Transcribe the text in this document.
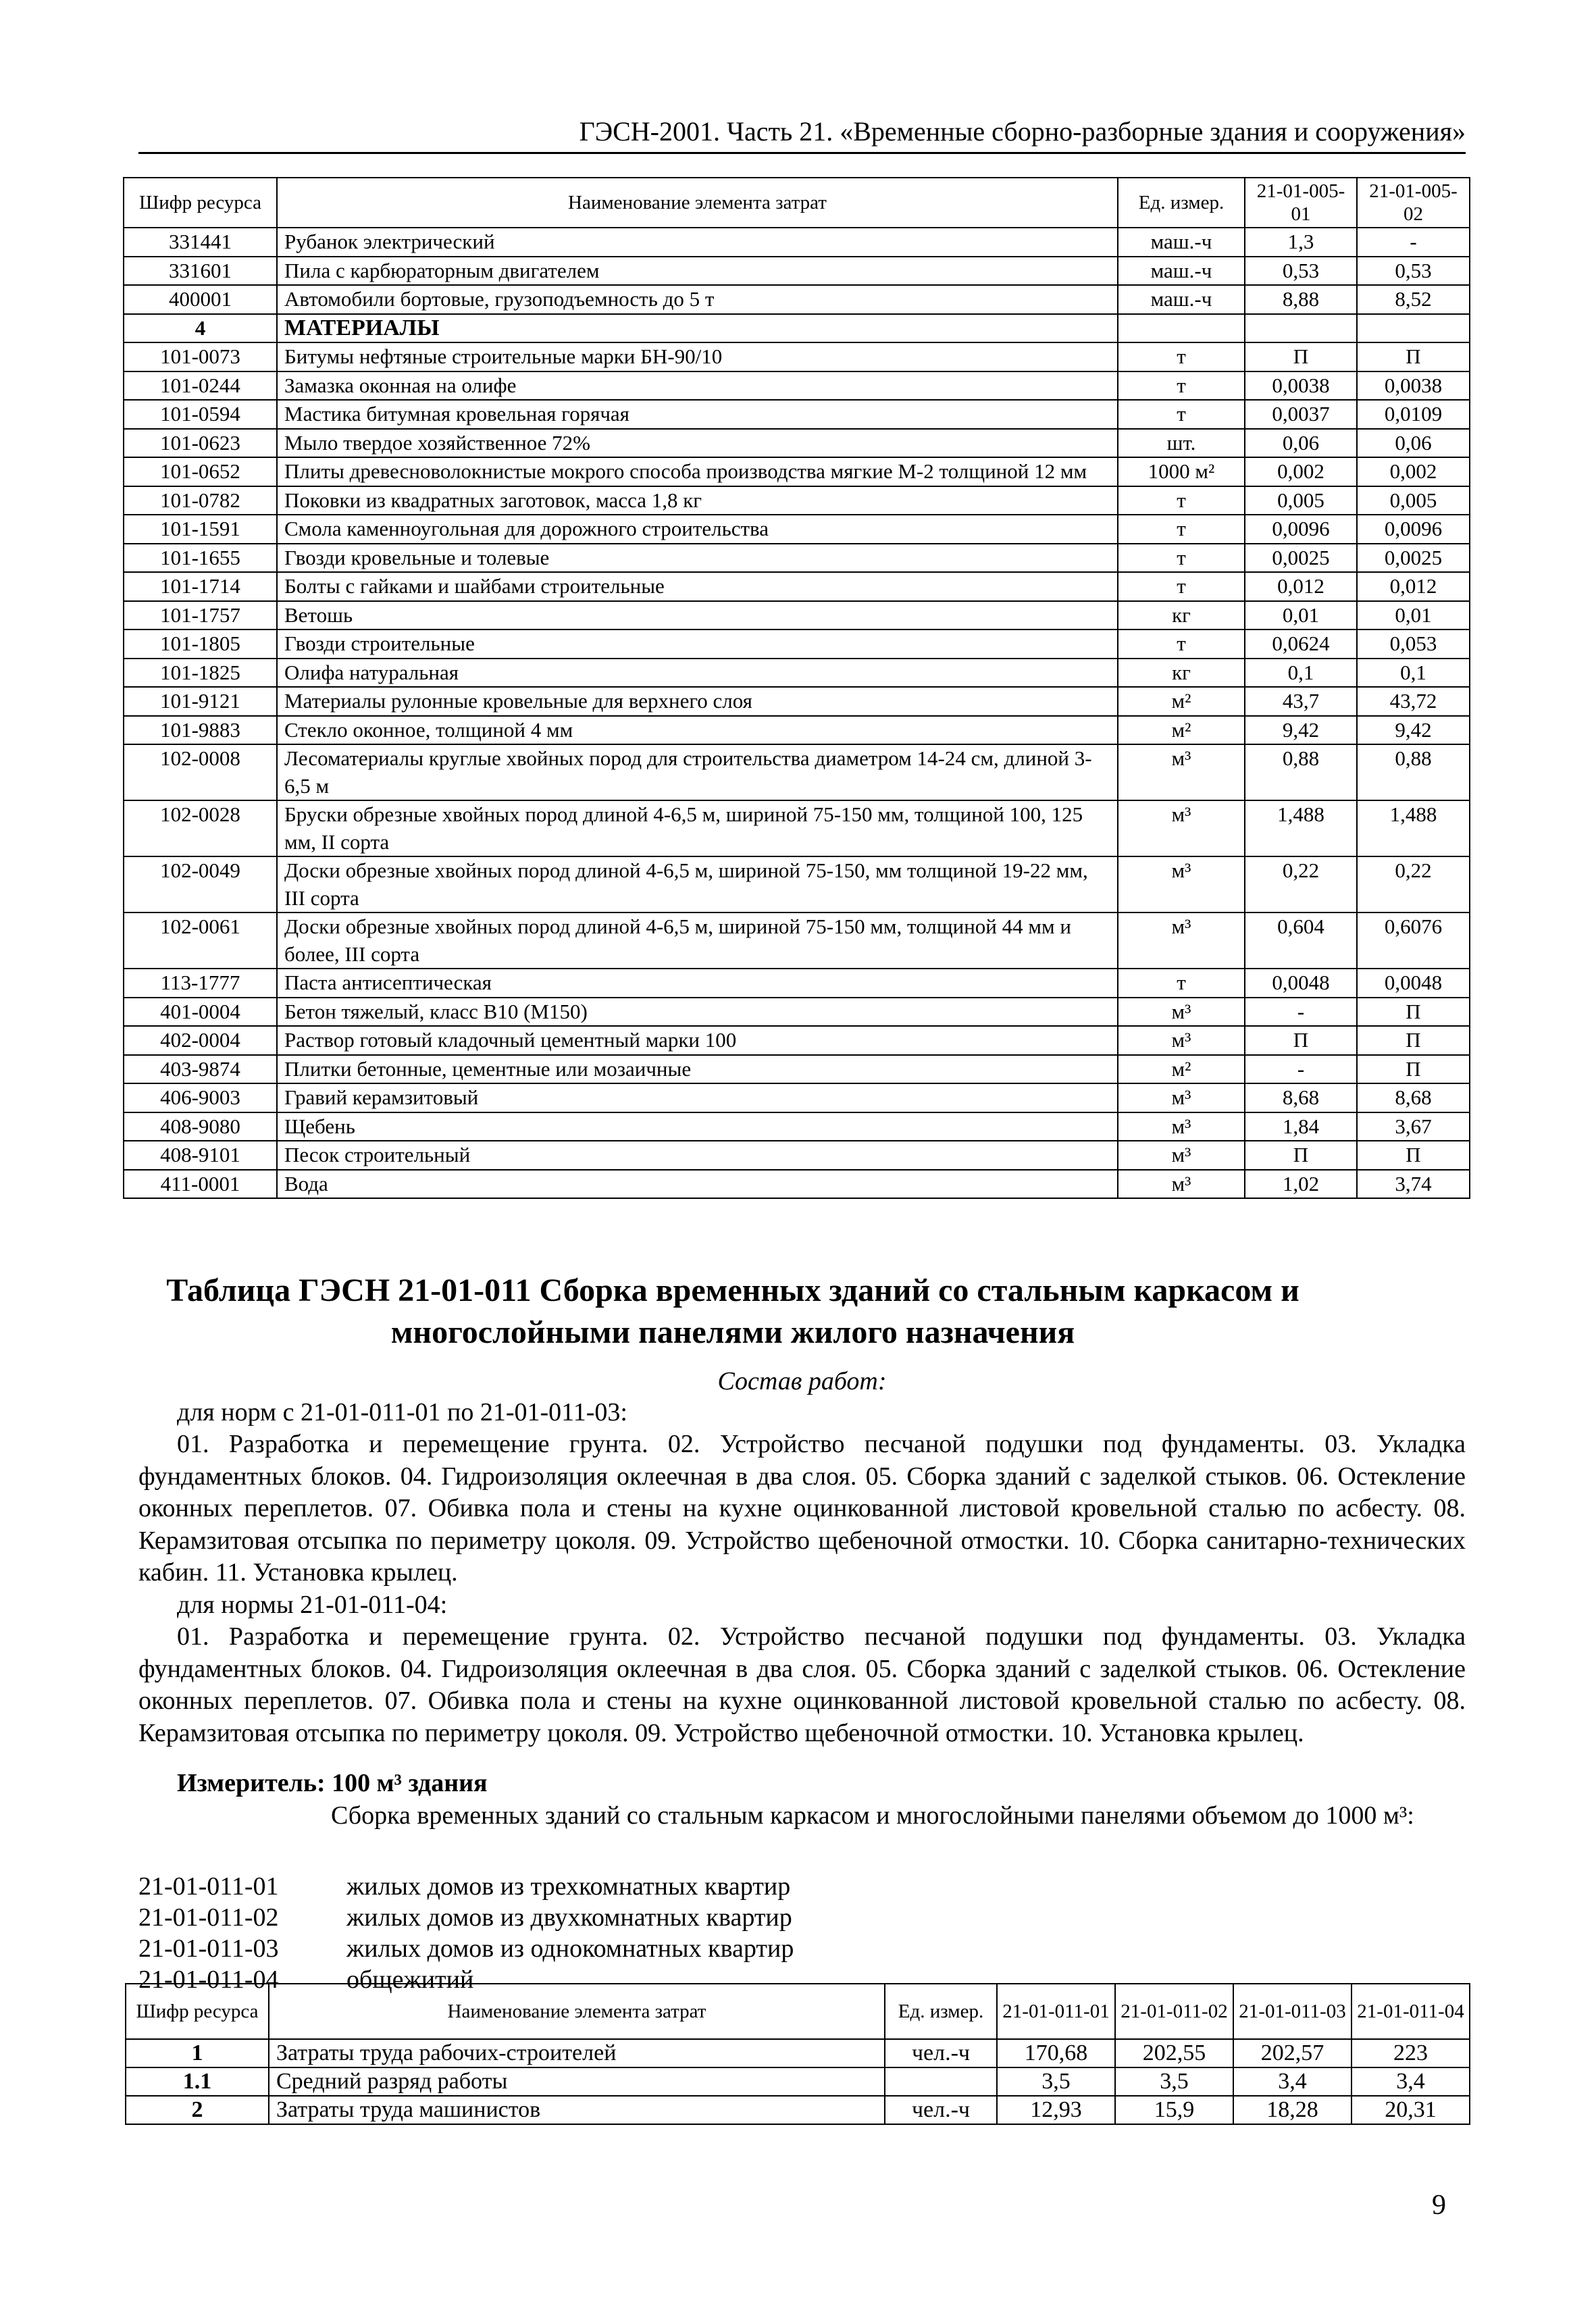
ГЭСН-2001. Часть 21. «Временные сборно-разборные здания и сооружения»
Шифр ресурса	Наименование элемента затрат	Ед. измер.	21-01-005-01	21-01-005-02
331441	Рубанок электрический	маш.-ч	1,3	-
331601	Пила с карбюраторным двигателем	маш.-ч	0,53	0,53
400001	Автомобили бортовые, грузоподъемность до 5 т	маш.-ч	8,88	8,52
4	МАТЕРИАЛЫ			
101-0073	Битумы нефтяные строительные марки БН-90/10	т	П	П
101-0244	Замазка оконная на олифе	т	0,0038	0,0038
101-0594	Мастика битумная кровельная горячая	т	0,0037	0,0109
101-0623	Мыло твердое хозяйственное 72%	шт.	0,06	0,06
101-0652	Плиты древесноволокнистые мокрого способа производства мягкие М-2 толщиной 12 мм	1000 м²	0,002	0,002
101-0782	Поковки из квадратных заготовок, масса 1,8 кг	т	0,005	0,005
101-1591	Смола каменноугольная для дорожного строительства	т	0,0096	0,0096
101-1655	Гвозди кровельные и толевые	т	0,0025	0,0025
101-1714	Болты с гайками и шайбами строительные	т	0,012	0,012
101-1757	Ветошь	кг	0,01	0,01
101-1805	Гвозди строительные	т	0,0624	0,053
101-1825	Олифа натуральная	кг	0,1	0,1
101-9121	Материалы рулонные кровельные для верхнего слоя	м²	43,7	43,72
101-9883	Стекло оконное, толщиной 4 мм	м²	9,42	9,42
102-0008	Лесоматериалы круглые хвойных пород для строительства диаметром 14-24 см, длиной 3-6,5 м	м³	0,88	0,88
102-0028	Бруски обрезные хвойных пород длиной 4-6,5 м, шириной 75-150 мм, толщиной 100, 125 мм, II сорта	м³	1,488	1,488
102-0049	Доски обрезные хвойных пород длиной 4-6,5 м, шириной 75-150, мм толщиной 19-22 мм, III сорта	м³	0,22	0,22
102-0061	Доски обрезные хвойных пород длиной 4-6,5 м, шириной 75-150 мм, толщиной 44 мм и более, III сорта	м³	0,604	0,6076
113-1777	Паста антисептическая	т	0,0048	0,0048
401-0004	Бетон тяжелый, класс В10 (М150)	м³	-	П
402-0004	Раствор готовый кладочный цементный марки 100	м³	П	П
403-9874	Плитки бетонные, цементные или мозаичные	м²	-	П
406-9003	Гравий керамзитовый	м³	8,68	8,68
408-9080	Щебень	м³	1,84	3,67
408-9101	Песок строительный	м³	П	П
411-0001	Вода	м³	1,02	3,74
Таблица ГЭСН 21-01-011 Сборка временных зданий со стальным каркасом и
многослойными панелями жилого назначения
Состав работ:
для норм с 21-01-011-01 по 21-01-011-03:
01. Разработка и перемещение грунта. 02. Устройство песчаной подушки под фундаменты. 03. Укладка фундаментных блоков. 04. Гидроизоляция оклеечная в два слоя. 05. Сборка зданий с заделкой стыков. 06. Остекление оконных переплетов. 07. Обивка пола и стены на кухне оцинкованной листовой кровельной сталью по асбесту. 08. Керамзитовая отсыпка по периметру цоколя. 09. Устройство щебеночной отмостки. 10. Сборка санитарно-технических кабин. 11. Установка крылец.
для нормы 21-01-011-04:
01. Разработка и перемещение грунта. 02. Устройство песчаной подушки под фундаменты. 03. Укладка фундаментных блоков. 04. Гидроизоляция оклеечная в два слоя. 05. Сборка зданий с заделкой стыков. 06. Остекление оконных переплетов. 07. Обивка пола и стены на кухне оцинкованной листовой кровельной сталью по асбесту. 08. Керамзитовая отсыпка по периметру цоколя. 09. Устройство щебеночной отмостки. 10. Установка крылец.
Измеритель: 100 м³ здания
Сборка временных зданий со стальным каркасом и многослойными панелями объемом до 1000 м³:
21-01-011-01	жилых домов из трехкомнатных квартир
21-01-011-02	жилых домов из двухкомнатных квартир
21-01-011-03	жилых домов из однокомнатных квартир
21-01-011-04	общежитий
Шифр ресурса	Наименование элемента затрат	Ед. измер.	21-01-011-01	21-01-011-02	21-01-011-03	21-01-011-04
1	Затраты труда рабочих-строителей	чел.-ч	170,68	202,55	202,57	223
1.1	Средний разряд работы		3,5	3,5	3,4	3,4
2	Затраты труда машинистов	чел.-ч	12,93	15,9	18,28	20,31
9
